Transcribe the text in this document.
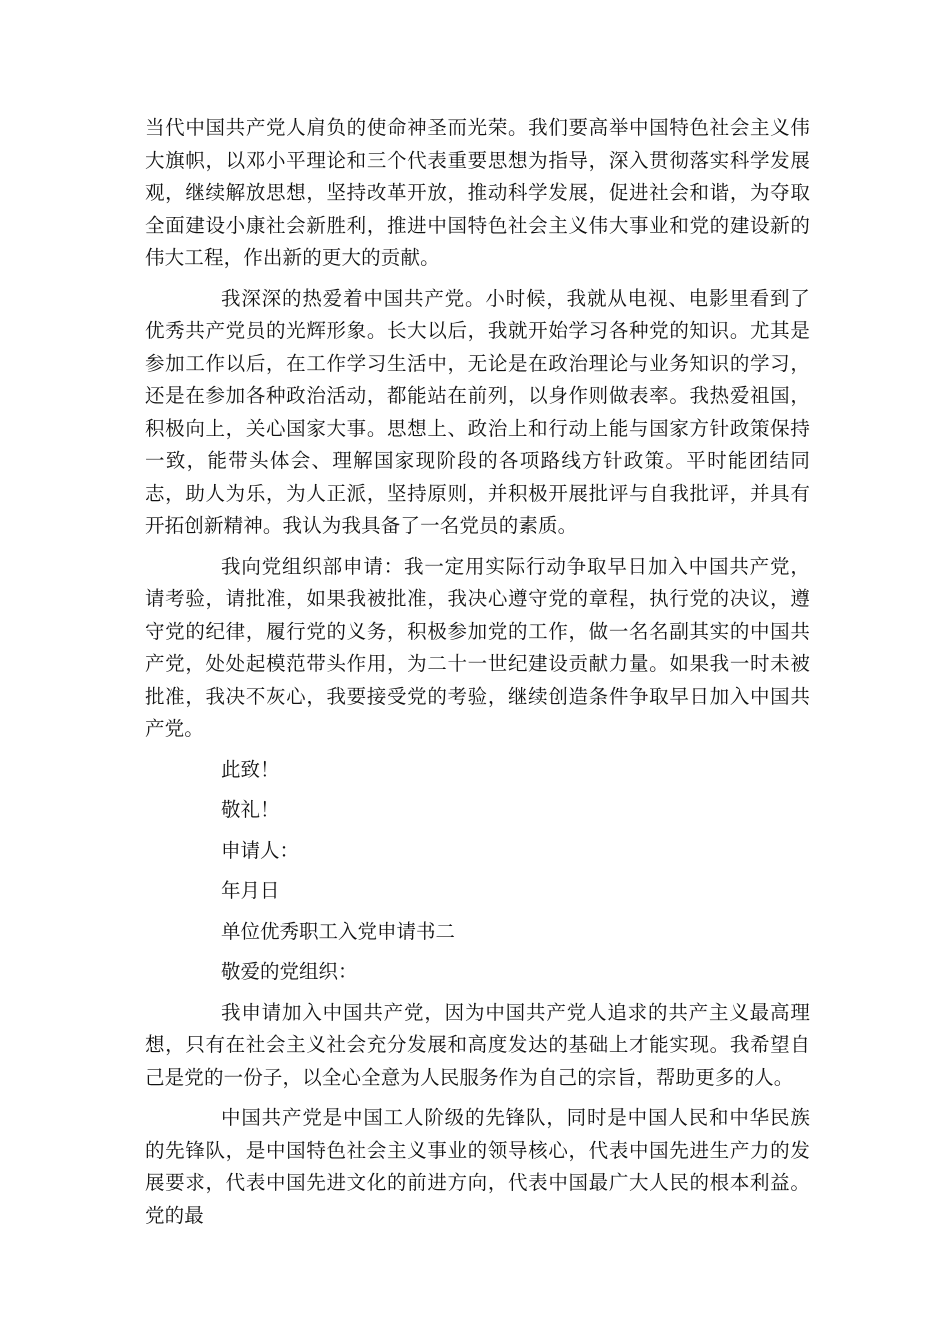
当代中国共产党人肩负的使命神圣而光荣。我们要高举中国特色社会主义伟大旗帜，以邓小平理论和三个代表重要思想为指导，深入贯彻落实科学发展观，继续解放思想，坚持改革开放，推动科学发展，促进社会和谐，为夺取全面建设小康社会新胜利，推进中国特色社会主义伟大事业和党的建设新的伟大工程，作出新的更大的贡献。

我深深的热爱着中国共产党。小时候，我就从电视、电影里看到了优秀共产党员的光辉形象。长大以后，我就开始学习各种党的知识。尤其是参加工作以后，在工作学习生活中，无论是在政治理论与业务知识的学习，还是在参加各种政治活动，都能站在前列，以身作则做表率。我热爱祖国，积极向上，关心国家大事。思想上、政治上和行动上能与国家方针政策保持一致，能带头体会、理解国家现阶段的各项路线方针政策。平时能团结同志，助人为乐，为人正派，坚持原则，并积极开展批评与自我批评，并具有开拓创新精神。我认为我具备了一名党员的素质。

我向党组织部申请：我一定用实际行动争取早日加入中国共产党，请考验，请批准，如果我被批准，我决心遵守党的章程，执行党的决议，遵守党的纪律，履行党的义务，积极参加党的工作，做一名名副其实的中国共产党，处处起模范带头作用，为二十一世纪建设贡献力量。如果我一时未被批准，我决不灰心，我要接受党的考验，继续创造条件争取早日加入中国共产党。

此致！

敬礼！

申请人：

年月日

单位优秀职工入党申请书二

敬爱的党组织：

我申请加入中国共产党，因为中国共产党人追求的共产主义最高理想，只有在社会主义社会充分发展和高度发达的基础上才能实现。我希望自己是党的一份子，以全心全意为人民服务作为自己的宗旨，帮助更多的人。

中国共产党是中国工人阶级的先锋队，同时是中国人民和中华民族的先锋队，是中国特色社会主义事业的领导核心，代表中国先进生产力的发展要求，代表中国先进文化的前进方向，代表中国最广大人民的根本利益。党的最
